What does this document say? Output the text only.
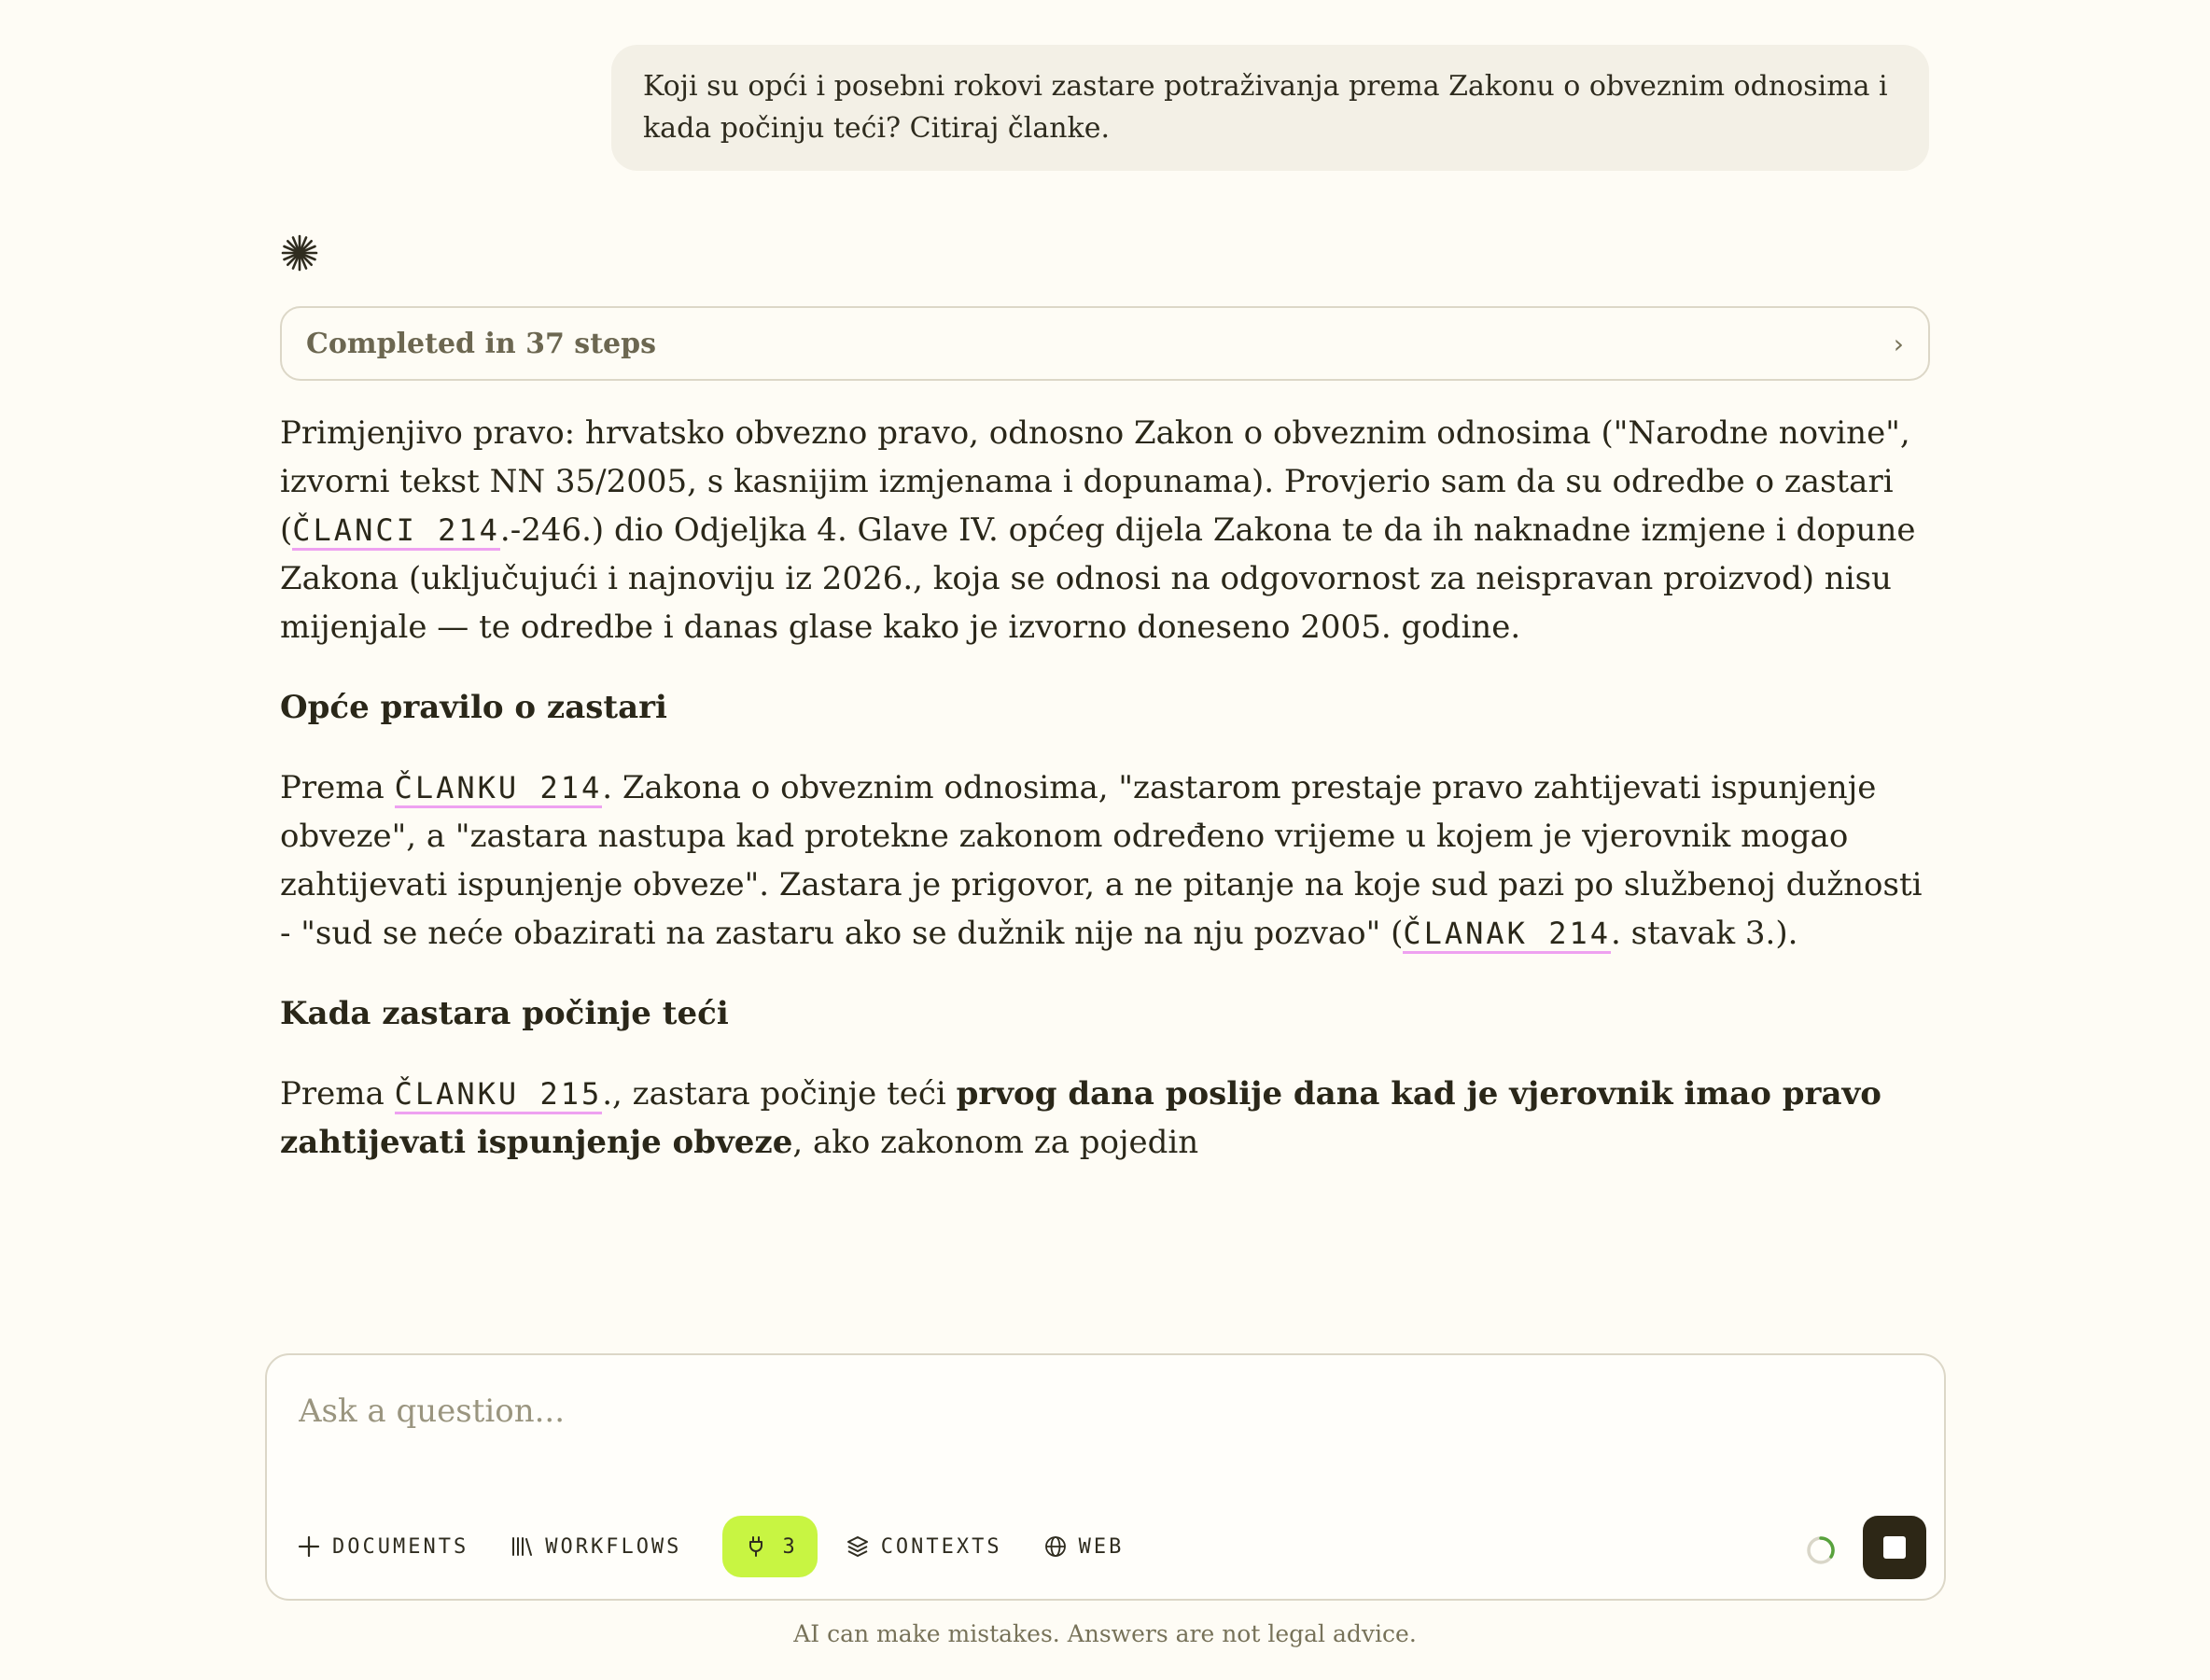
Koji su opći i posebni rokovi zastare potraživanja prema Zakonu o obveznim odnosima i kada počinju teći? Citiraj članke.
Completed in 37 steps	›

Primjenjivo pravo: hrvatsko obvezno pravo, odnosno Zakon o obveznim odnosima ("Narodne novine", izvorni tekst NN 35/2005, s kasnijim izmjenama i dopunama). Provjerio sam da su odredbe o zastari (ČLANCI 214.-246.) dio Odjeljka 4. Glave IV. općeg dijela Zakona te da ih naknadne izmjene i dopune Zakona (uključujući i najnoviju iz 2026., koja se odnosi na odgovornost za neispravan proizvod) nisu mijenjale — te odredbe i danas glase kako je izvorno doneseno 2005. godine.

Opće pravilo o zastari

Prema ČLANKU 214. Zakona o obveznim odnosima, "zastarom prestaje pravo zahtijevati ispunjenje obveze", a "zastara nastupa kad protekne zakonom određeno vrijeme u kojem je vjerovnik mogao zahtijevati ispunjenje obveze". Zastara je prigovor, a ne pitanje na koje sud pazi po službenoj dužnosti - "sud se neće obazirati na zastaru ako se dužnik nije na nju pozvao" (ČLANAK 214. stavak 3.).

Kada zastara počinje teći

Prema ČLANKU 215., zastara počinje teći prvog dana poslije dana kad je vjerovnik imao pravo zahtijevati ispunjenje obveze, ako zakonom za pojedin

Ask a question...
DOCUMENTS	WORKFLOWS	3	CONTEXTS	WEB
AI can make mistakes. Answers are not legal advice.
